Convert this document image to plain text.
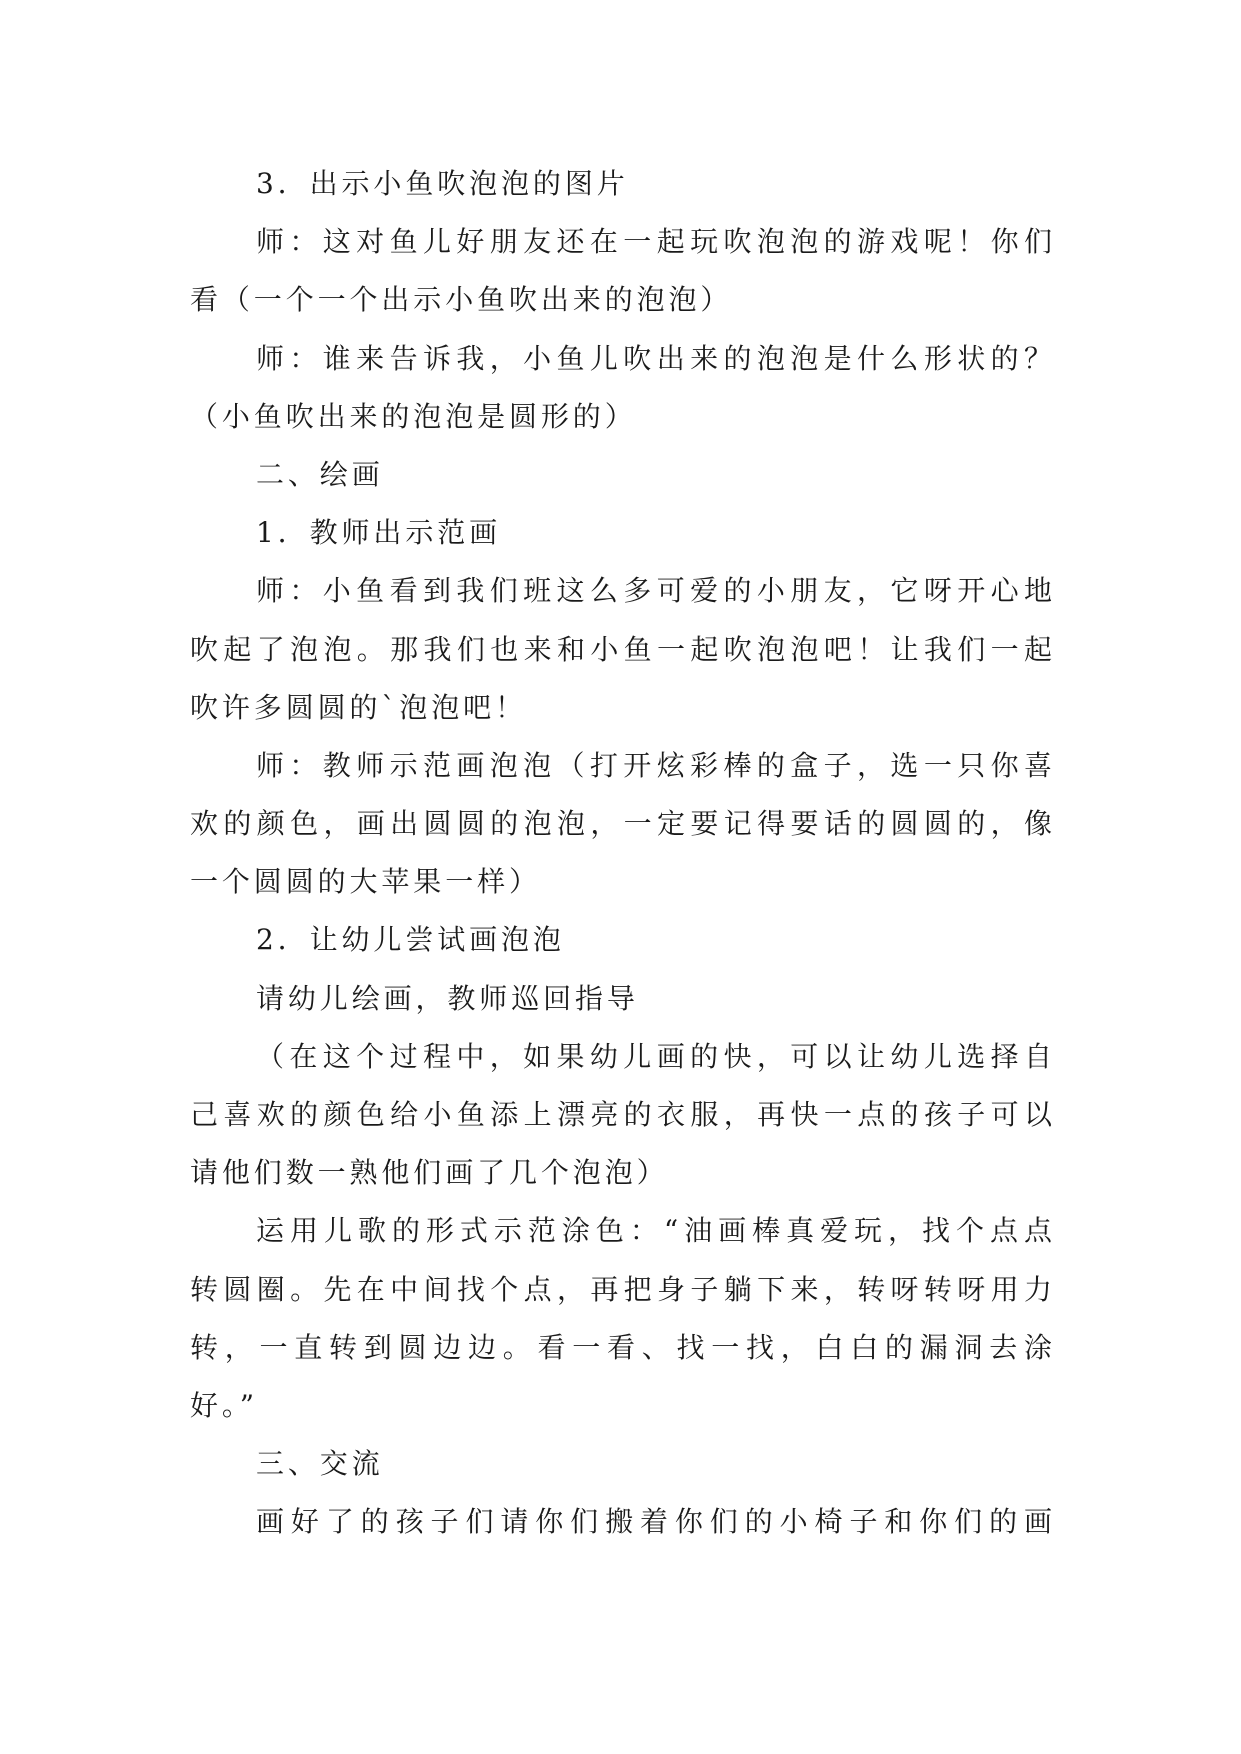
3．出示小鱼吹泡泡的图片
师：这对鱼儿好朋友还在一起玩吹泡泡的游戏呢！你们
看（一个一个出示小鱼吹出来的泡泡）
师：谁来告诉我，小鱼儿吹出来的泡泡是什么形状的？
（小鱼吹出来的泡泡是圆形的）
二、绘画
1．教师出示范画
师：小鱼看到我们班这么多可爱的小朋友，它呀开心地
吹起了泡泡。那我们也来和小鱼一起吹泡泡吧！让我们一起
吹许多圆圆的`泡泡吧！
师：教师示范画泡泡（打开炫彩棒的盒子，选一只你喜
欢的颜色，画出圆圆的泡泡，一定要记得要话的圆圆的，像
一个圆圆的大苹果一样）
2．让幼儿尝试画泡泡
请幼儿绘画，教师巡回指导
（在这个过程中，如果幼儿画的快，可以让幼儿选择自
己喜欢的颜色给小鱼添上漂亮的衣服，再快一点的孩子可以
请他们数一熟他们画了几个泡泡）
运用儿歌的形式示范涂色：“油画棒真爱玩，找个点点
转圆圈。先在中间找个点，再把身子躺下来，转呀转呀用力
转，一直转到圆边边。看一看、找一找，白白的漏洞去涂
好。”
三、交流
画好了的孩子们请你们搬着你们的小椅子和你们的画
